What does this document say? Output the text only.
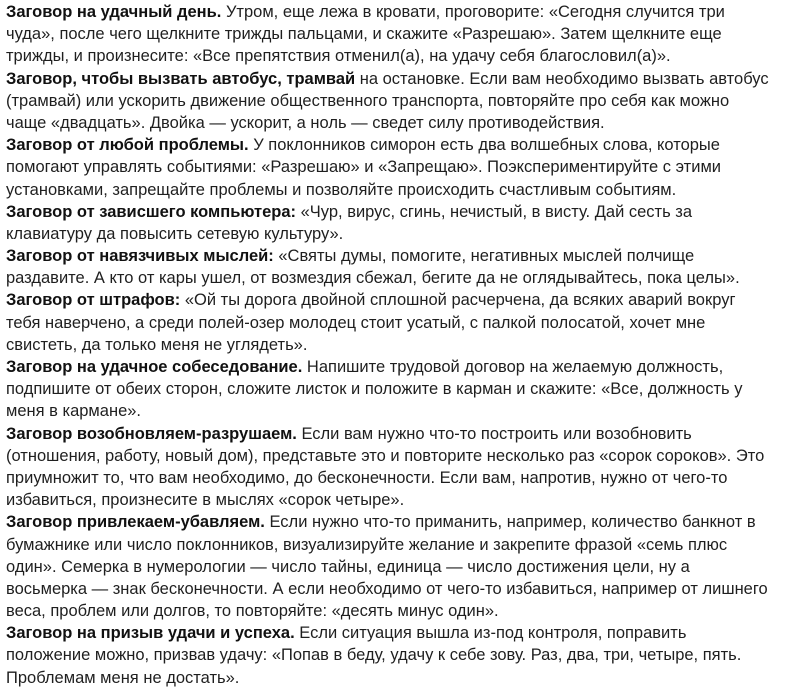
Заговор на удачный день. Утром, еще лежа в кровати, проговорите: «Сегодня случится три
чуда», после чего щелкните трижды пальцами, и скажите «Разрешаю». Затем щелкните еще
трижды, и произнесите: «Все препятствия отменил(а), на удачу себя благословил(а)».
Заговор, чтобы вызвать автобус, трамвай на остановке. Если вам необходимо вызвать автобус
(трамвай) или ускорить движение общественного транспорта, повторяйте про себя как можно
чаще «двадцать». Двойка — ускорит, а ноль — сведет силу противодействия.
Заговор от любой проблемы. У поклонников симорон есть два волшебных слова, которые
помогают управлять событиями: «Разрешаю» и «Запрещаю». Поэкспериментируйте с этими
установками, запрещайте проблемы и позволяйте происходить счастливым событиям.
Заговор от зависшего компьютера: «Чур, вирус, сгинь, нечистый, в висту. Дай сесть за
клавиатуру да повысить сетевую культуру».
Заговор от навязчивых мыслей: «Святы думы, помогите, негативных мыслей полчище
раздавите. А кто от кары ушел, от возмездия сбежал, бегите да не оглядывайтесь, пока целы».
Заговор от штрафов: «Ой ты дорога двойной сплошной расчерчена, да всяких аварий вокруг
тебя наверчено, а среди полей-озер молодец стоит усатый, с палкой полосатой, хочет мне
свистеть, да только меня не углядеть».
Заговор на удачное собеседование. Напишите трудовой договор на желаемую должность,
подпишите от обеих сторон, сложите листок и положите в карман и скажите: «Все, должность у
меня в кармане».
Заговор возобновляем-разрушаем. Если вам нужно что-то построить или возобновить
(отношения, работу, новый дом), представьте это и повторите несколько раз «сорок сороков». Это
приумножит то, что вам необходимо, до бесконечности. Если вам, напротив, нужно от чего-то
избавиться, произнесите в мыслях «сорок четыре».
Заговор привлекаем-убавляем. Если нужно что-то приманить, например, количество банкнот в
бумажнике или число поклонников, визуализируйте желание и закрепите фразой «семь плюс
один». Семерка в нумерологии — число тайны, единица — число достижения цели, ну а
восьмерка — знак бесконечности. А если необходимо от чего-то избавиться, например от лишнего
веса, проблем или долгов, то повторяйте: «десять минус один».
Заговор на призыв удачи и успеха. Если ситуация вышла из-под контроля, поправить
положение можно, призвав удачу: «Попав в беду, удачу к себе зову. Раз, два, три, четыре, пять.
Проблемам меня не достать».
